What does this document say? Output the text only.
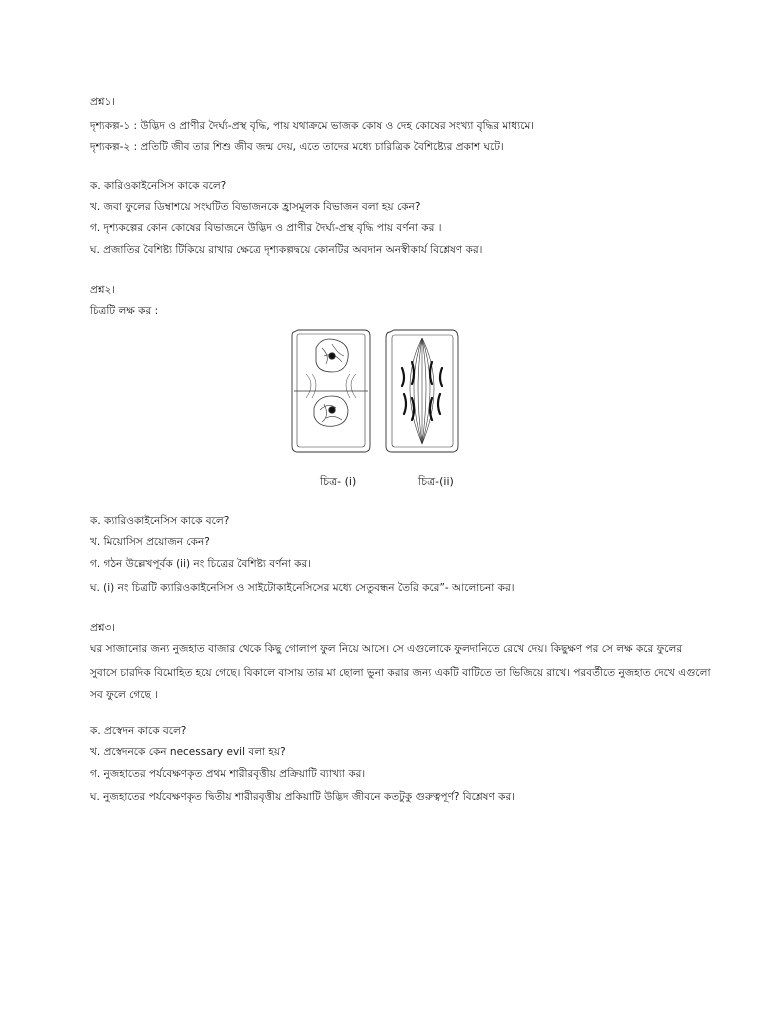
প্রশ্ন১।
দৃশ্যকল্প-১ : উদ্ভিদ ও প্রাণীর দৈর্ঘ্য-প্রস্থ বৃদ্ধি, পায় যথাক্রমে ভাজক কোষ ও দেহ কোষের সংখ্যা বৃদ্ধির মাধ্যমে।
দৃশ্যকল্প-২ : প্রতিটি জীব তার শিশু জীব জন্ম দেয়, এতে তাদের মধ্যে চারিত্রিক বৈশিষ্ট্যের প্রকাশ ঘটে।
ক. কারিওকাইনেসিস কাকে বলে?
খ. জবা ফুলের ডিম্বাশয়ে সংঘটিত বিভাজনকে হ্রাসমূলক বিভাজন বলা হয় কেন?
গ. দৃশ্যকল্পের কোন কোষের বিভাজনে উদ্ভিদ ও প্রাণীর দৈর্ঘ্য-প্রস্থ বৃদ্ধি পায় বর্ণনা কর ।
ঘ. প্রজাতির বৈশিষ্ট্য টিকিয়ে রাখার ক্ষেত্রে দৃশ্যকল্পদ্বয়ে কোনটির অবদান অনস্বীকার্য বিশ্লেষণ কর।
প্রশ্ন২।
চিত্রটি লক্ষ কর :
চিত্র- (i)	চিত্র-(ii)
ক. ক্যারিওকাইনেসিস কাকে বলে?
খ. মিয়োসিস প্রয়োজন কেন?
গ. গঠন উল্লেখপূর্বক (ii) নং চিত্রের বৈশিষ্ট্য বর্ণনা কর।
ঘ. (i) নং চিত্রটি ক্যারিওকাইনেসিস ও সাইটোকাইনেসিসের মধ্যে সেতুবন্ধন তৈরি করে”- আলোচনা কর।
প্রশ্ন৩।
ঘর সাজানোর জন্য নুজহাত বাজার থেকে কিছু গোলাপ ফুল নিয়ে আসে। সে এগুলোকে ফুলদানিতে রেখে দেয়। কিছুক্ষণ পর সে লক্ষ করে ফুলের
সুবাসে চারদিক বিমোহিত হয়ে গেছে। বিকালে বাসায় তার মা ছোলা ভুনা করার জন্য একটি বাটিতে তা ভিজিয়ে রাখে। পরবর্তীতে নুজহাত দেখে এগুলো
সব ফুলে গেছে ।
ক. প্রস্বেদন কাকে বলে?
খ. প্রস্বেদনকে কেন necessary evil বলা হয়?
গ. নুজহাতের পর্যবেক্ষণকৃত প্রথম শারীরবৃত্তীয় প্রক্রিয়াটি ব্যাখ্যা কর।
ঘ. নুজহাতের পর্যবেক্ষণকৃত দ্বিতীয় শারীরবৃত্তীয় প্রকিয়াটি উদ্ভিদ জীবনে কতটুকু গুরুত্বপূর্ণ? বিশ্লেষণ কর।
